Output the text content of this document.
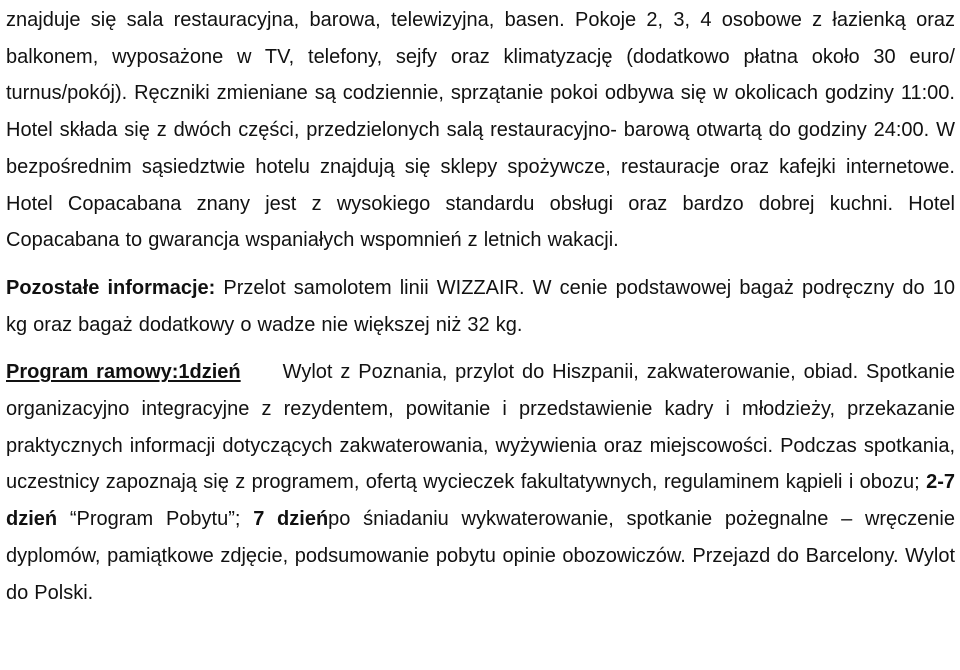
znajduje się sala restauracyjna, barowa, telewizyjna, basen. Pokoje 2, 3, 4 osobowe z łazienką oraz balkonem, wyposażone w TV, telefony, sejfy oraz klimatyzację (dodatkowo płatna około 30 euro/ turnus/pokój). Ręczniki zmieniane są codziennie, sprzątanie pokoi odbywa się w okolicach godziny 11:00. Hotel składa się z dwóch części, przedzielonych salą restauracyjno- barową otwartą do godziny 24:00. W bezpośrednim sąsiedztwie hotelu znajdują się sklepy spożywcze, restauracje oraz kafejki internetowe. Hotel Copacabana znany jest z wysokiego standardu obsługi oraz bardzo dobrej kuchni. Hotel Copacabana to gwarancja wspaniałych wspomnień z letnich wakacji.

Pozostałe informacje: Przelot samolotem linii WIZZAIR. W cenie podstawowej bagaż podręczny do 10 kg oraz bagaż dodatkowy o wadze nie większej niż 32 kg.

Program ramowy:1dzień Wylot z Poznania, przylot do Hiszpanii, zakwaterowanie, obiad. Spotkanie organizacyjno integracyjne z rezydentem, powitanie i przedstawienie kadry i młodzieży, przekazanie praktycznych informacji dotyczących zakwaterowania, wyżywienia oraz miejscowości. Podczas spotkania, uczestnicy zapoznają się z programem, ofertą wycieczek fakultatywnych, regulaminem kąpieli i obozu; 2-7 dzień “Program Pobytu”; 7 dzieńpo śniadaniu wykwaterowanie, spotkanie pożegnalne – wręczenie dyplomów, pamiątkowe zdjęcie, podsumowanie pobytu opinie obozowiczów. Przejazd do Barcelony. Wylot do Polski.
